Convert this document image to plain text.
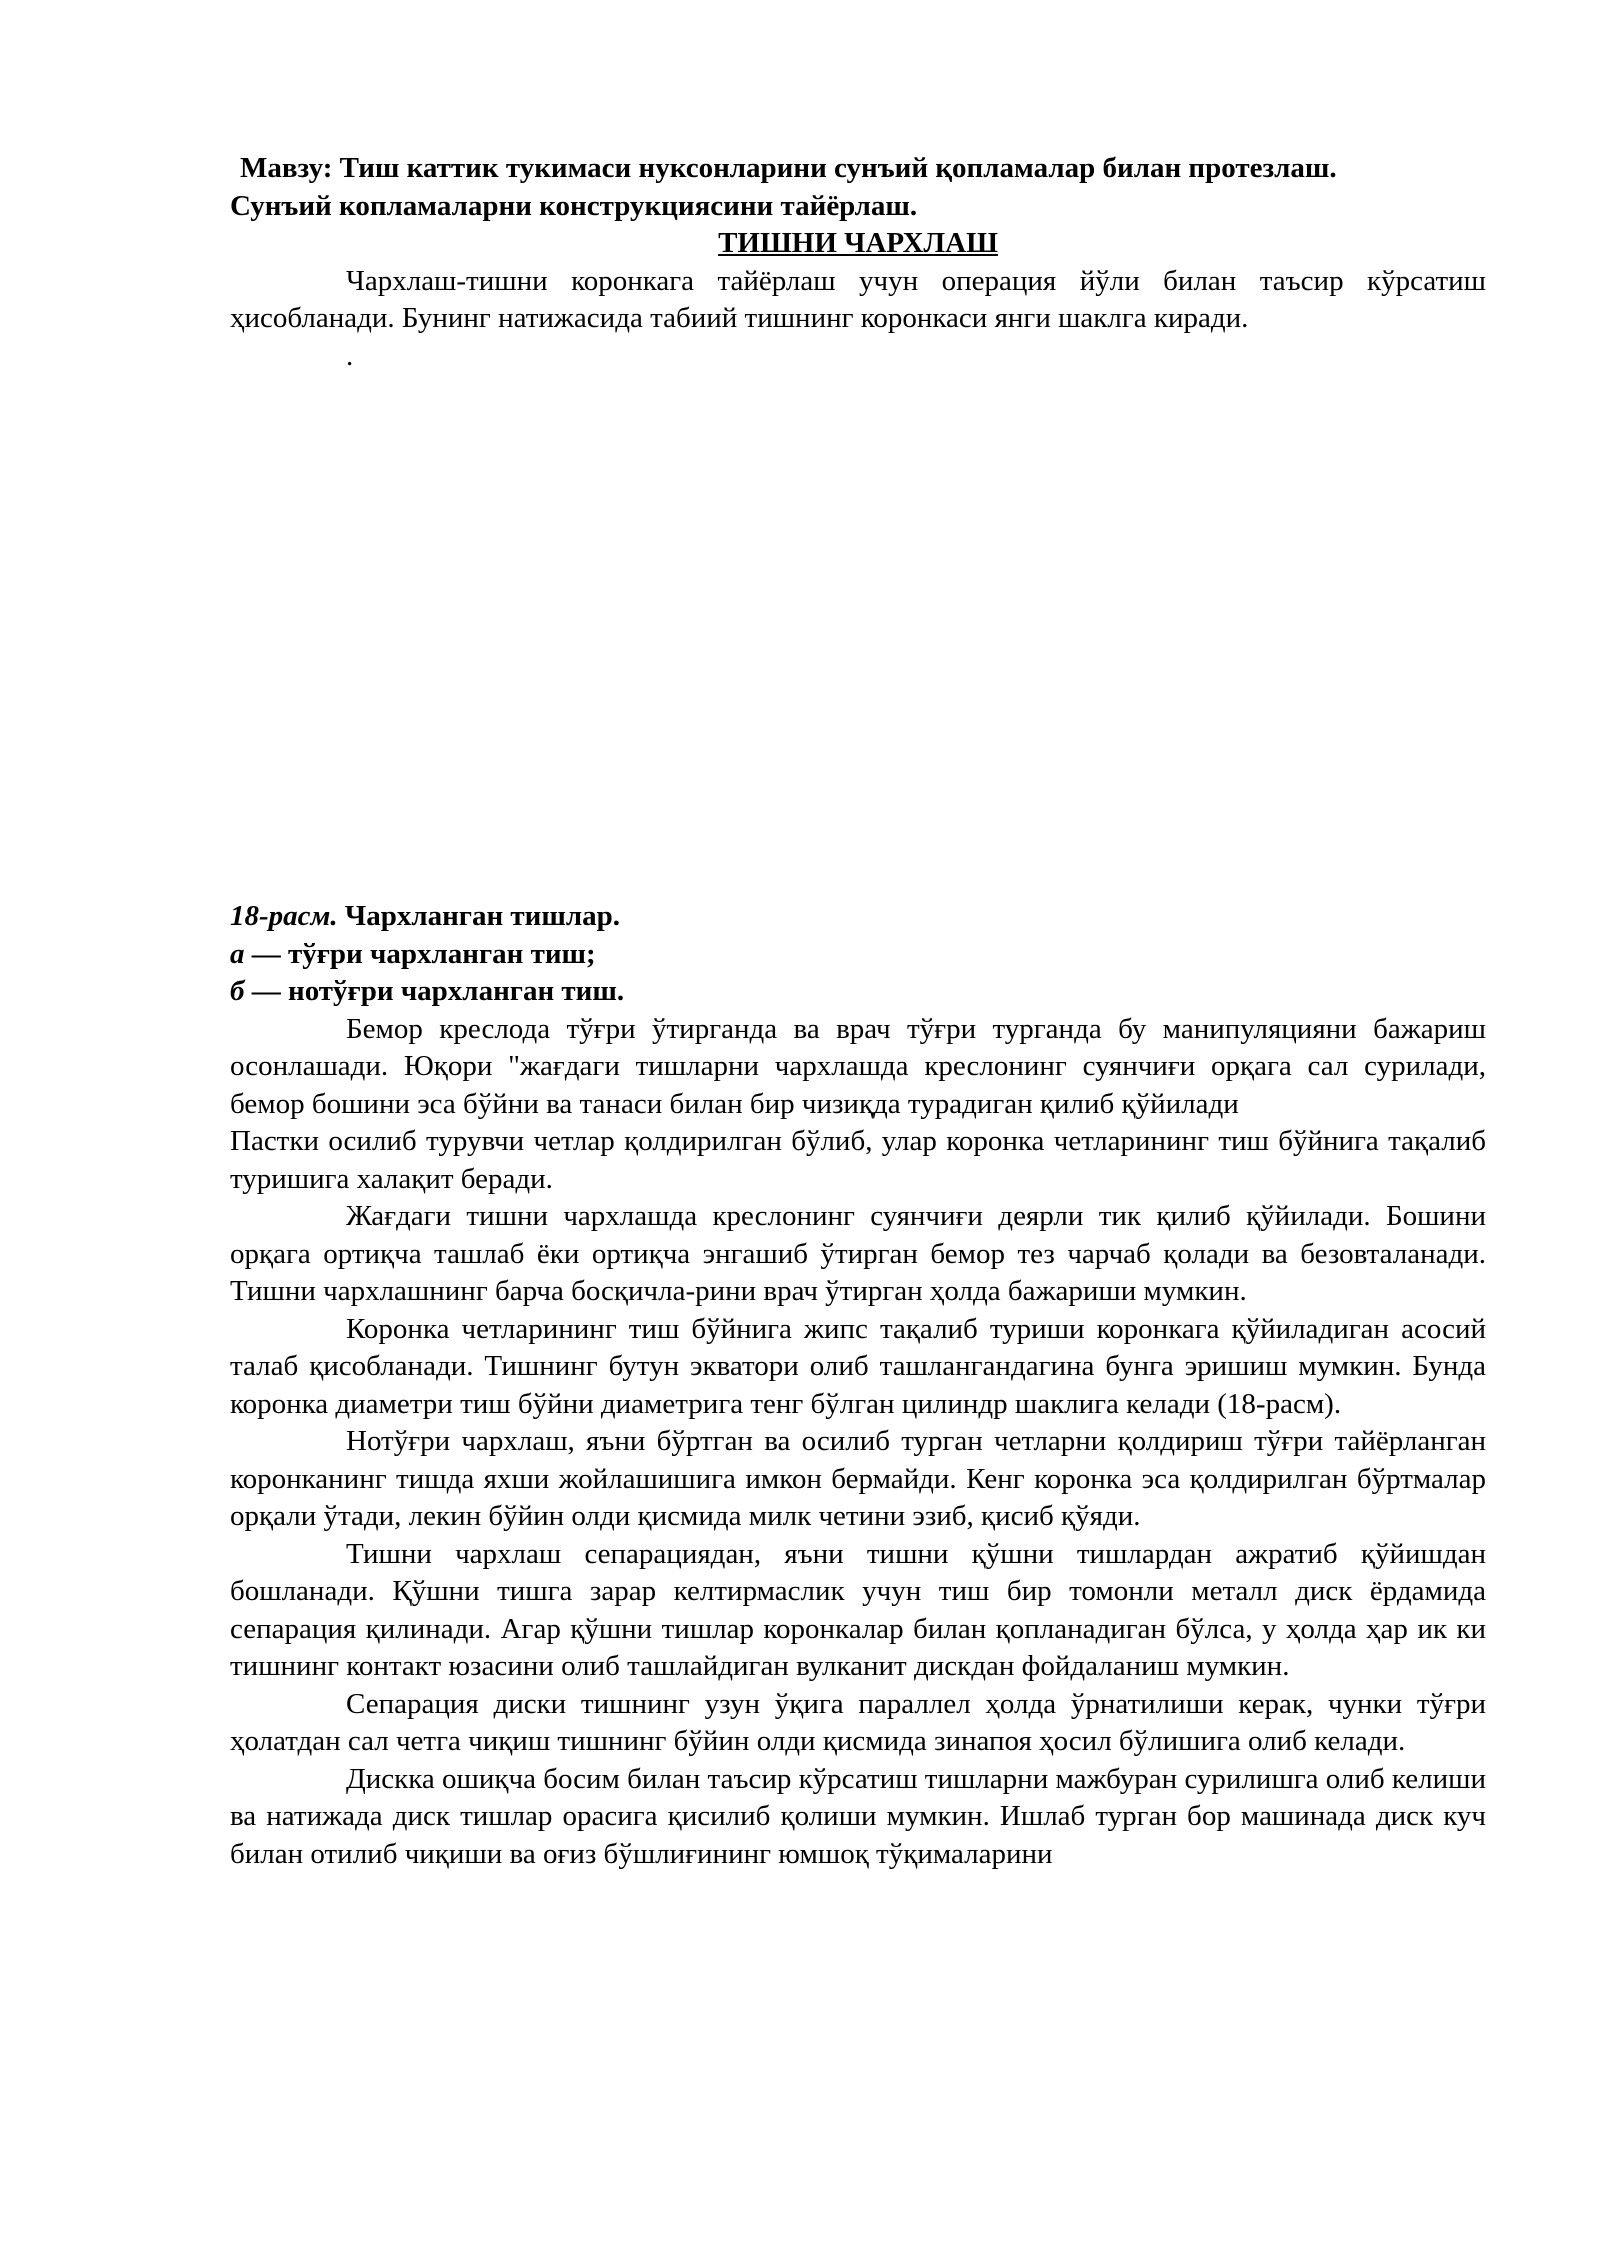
Мавзу: Тиш каттик тукимаси нуксонларини сунъий қопламалар билан протезлаш.

Сунъий копламаларни конструкциясини тайёрлаш.

ТИШНИ ЧАРХЛАШ

Чархлаш-тишни коронкага тайёрлаш учун операция йўли билан таъсир кўрсатиш ҳисобланади. Бунинг натижасида табиий тишнинг коронкаси янги шаклга киради.

.

18-расм. Чархланган тишлар.

а — тўғри чархланган тиш;

б — нотўғри чархланган тиш.

Бемор креслода тўғри ўтирганда ва врач тўғри турганда бу манипуляцияни бажариш осонлашади. Юқори "жағдаги тишларни чархлашда креслонинг суянчиғи орқага сал сурилади, бемор бошини эса бўйни ва танаси билан бир чизиқда турадиган қилиб қўйилади

Пастки осилиб турувчи четлар қолдирилган бўлиб, улар коронка четларининг тиш бўйнига тақалиб туришига халақит беради.

Жағдаги тишни чархлашда креслонинг суянчиғи деярли тик қилиб қўйилади. Бошини орқага ортиқча ташлаб ёки ортиқча энгашиб ўтирган бемор тез чарчаб қолади ва безовталанади. Тишни чархлашнинг барча босқичла-рини врач ўтирган ҳолда бажариши мумкин.

Коронка четларининг тиш бўйнига жипс тақалиб туриши коронкага қўйиладиган асосий талаб қисобланади. Тишнинг бутун экватори олиб ташлангандагина бунга эришиш мумкин. Бунда коронка диаметри тиш бўйни диаметрига тенг бўлган цилиндр шаклига келади (18-расм).

Нотўғри чархлаш, яъни бўртган ва осилиб турган четларни қолдириш тўғри тайёрланган коронканинг тишда яхши жойлашишига имкон бермайди. Кенг коронка эса қолдирилган бўртмалар орқали ўтади, лекин бўйин олди қисмида милк четини эзиб, қисиб қўяди.

Тишни чархлаш сепарациядан, яъни тишни қўшни тишлардан ажратиб қўйишдан бошланади. Қўшни тишга зарар келтирмаслик учун тиш бир томонли металл диск ёрдамида сепарация қилинади. Агар қўшни тишлар коронкалар билан қопланадиган бўлса, у ҳолда ҳар ик ки тишнинг контакт юзасини олиб ташлайдиган вулканит дискдан фойдаланиш мумкин.

Сепарация диски тишнинг узун ўқига параллел ҳолда ўрнатилиши керак, чунки тўғри ҳолатдан сал четга чиқиш тишнинг бўйин олди қисмида зинапоя ҳосил бўлишига олиб келади.

Дискка ошиқча босим билан таъсир кўрсатиш тишларни мажбуран сурилишга олиб келиши ва натижада диск тишлар орасига қисилиб қолиши мумкин. Ишлаб турган бор машинада диск куч билан отилиб чиқиши ва оғиз бўшлиғининг юмшоқ тўқималарини
